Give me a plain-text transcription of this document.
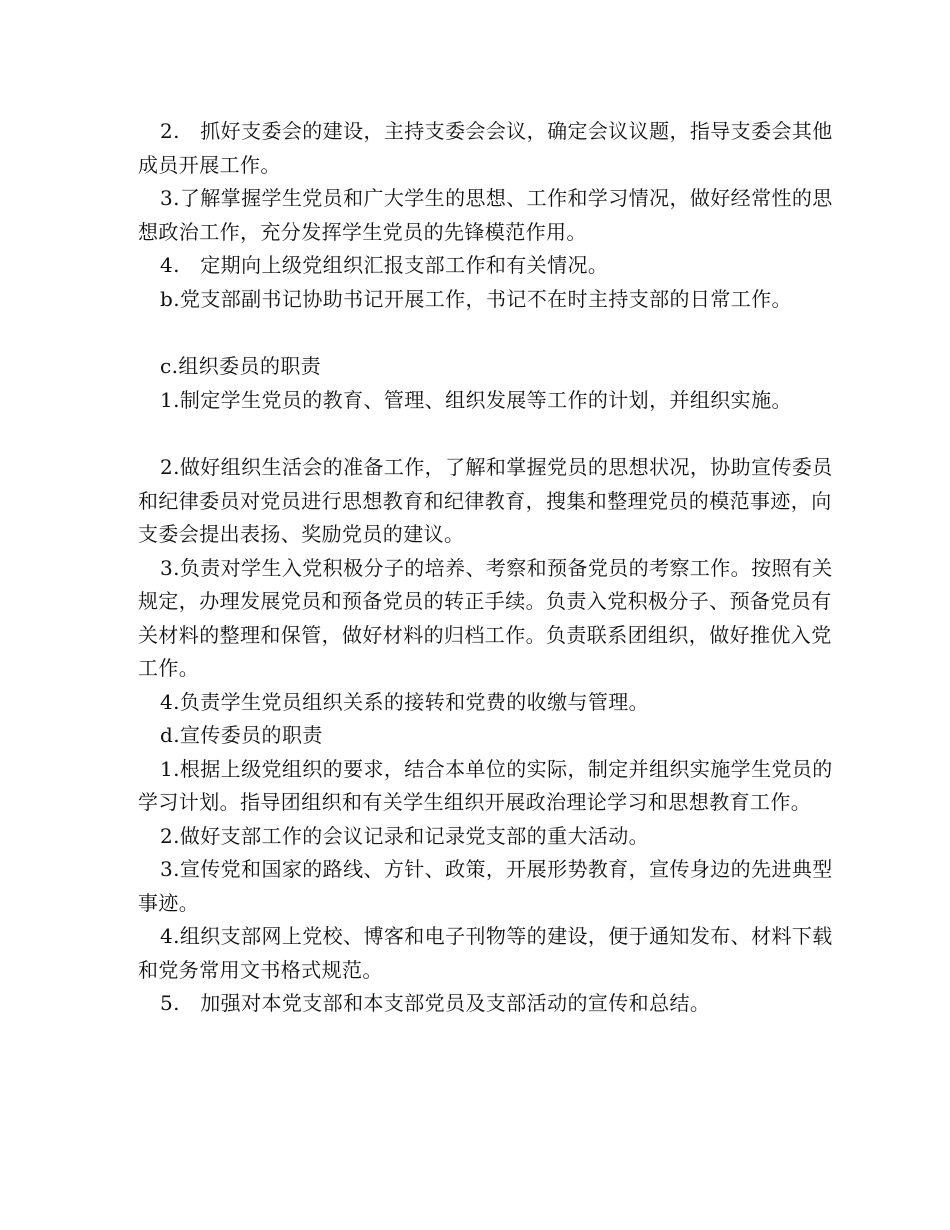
2.　抓好支委会的建设，主持支委会会议，确定会议议题，指导支委会其他成员开展工作。

3.了解掌握学生党员和广大学生的思想、工作和学习情况，做好经常性的思想政治工作，充分发挥学生党员的先锋模范作用。

4.　定期向上级党组织汇报支部工作和有关情况。

b.党支部副书记协助书记开展工作，书记不在时主持支部的日常工作。

c.组织委员的职责

1.制定学生党员的教育、管理、组织发展等工作的计划，并组织实施。

2.做好组织生活会的准备工作，了解和掌握党员的思想状况，协助宣传委员和纪律委员对党员进行思想教育和纪律教育，搜集和整理党员的模范事迹，向支委会提出表扬、奖励党员的建议。

3.负责对学生入党积极分子的培养、考察和预备党员的考察工作。按照有关规定，办理发展党员和预备党员的转正手续。负责入党积极分子、预备党员有关材料的整理和保管，做好材料的归档工作。负责联系团组织，做好推优入党工作。

4.负责学生党员组织关系的接转和党费的收缴与管理。

d.宣传委员的职责

1.根据上级党组织的要求，结合本单位的实际，制定并组织实施学生党员的学习计划。指导团组织和有关学生组织开展政治理论学习和思想教育工作。

2.做好支部工作的会议记录和记录党支部的重大活动。

3.宣传党和国家的路线、方针、政策，开展形势教育，宣传身边的先进典型事迹。

4.组织支部网上党校、博客和电子刊物等的建设，便于通知发布、材料下载和党务常用文书格式规范。

5.　加强对本党支部和本支部党员及支部活动的宣传和总结。
